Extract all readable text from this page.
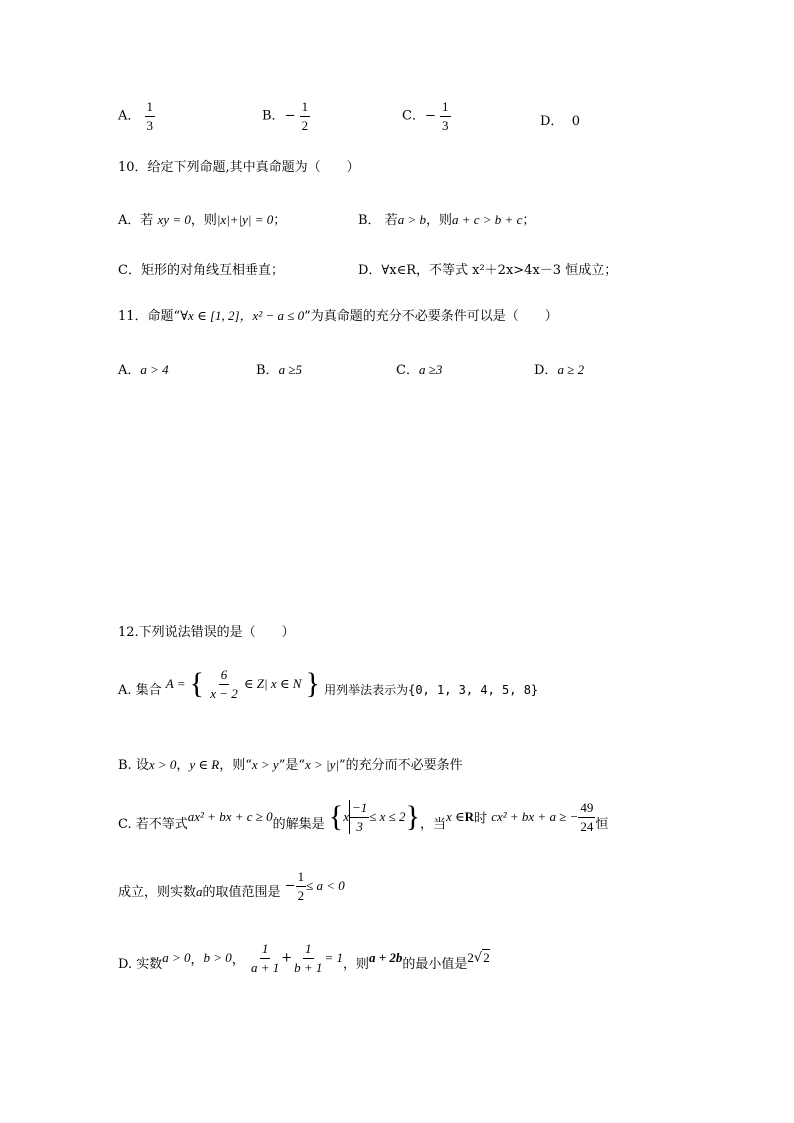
A． $\frac{1}{3}$	B．− $\frac{1}{2}$	C．− $\frac{1}{3}$	D． 0
10．给定下列命题,其中真命题为（　　）
A．若 xy = 0，则|x|+|y| = 0；	B． 若a > b，则a + c > b + c；
C．矩形的对角线互相垂直；	D．∀x∈R，不等式 x²＋2x>4x－3 恒成立；
11．命题“∀x ∈ [1, 2]，x² − a ≤ 0”为真命题的充分不必要条件可以是（　　）
A．a > 4	B．a ≥5	C．a ≥3	D．a ≥ 2
12.下列说法错误的是（　　）
A. 集合 A = { $\frac{6}{x - 2}$ ∈ Z| x ∈ N } 用列举法表示为{0, 1, 3, 4, 5, 8}
B. 设x > 0，y ∈ R，则“x > y”是“x > |y|”的充分而不必要条件
C. 若不等式ax² + bx + c ≥ 0的解集是 $\{x \frac{-1}{3} \le x \le 2\}$，当x ∈R时 cx² + bx + a ≥ − $\frac{49}{24}$ 恒
成立，则实数a的取值范围是 − $\frac{1}{2} \le a < 0$
D. 实数a > 0，b > 0， $\frac{1}{a + 1} + \frac{1}{b + 1} = 1$，则a + 2b的最小值是2√2
